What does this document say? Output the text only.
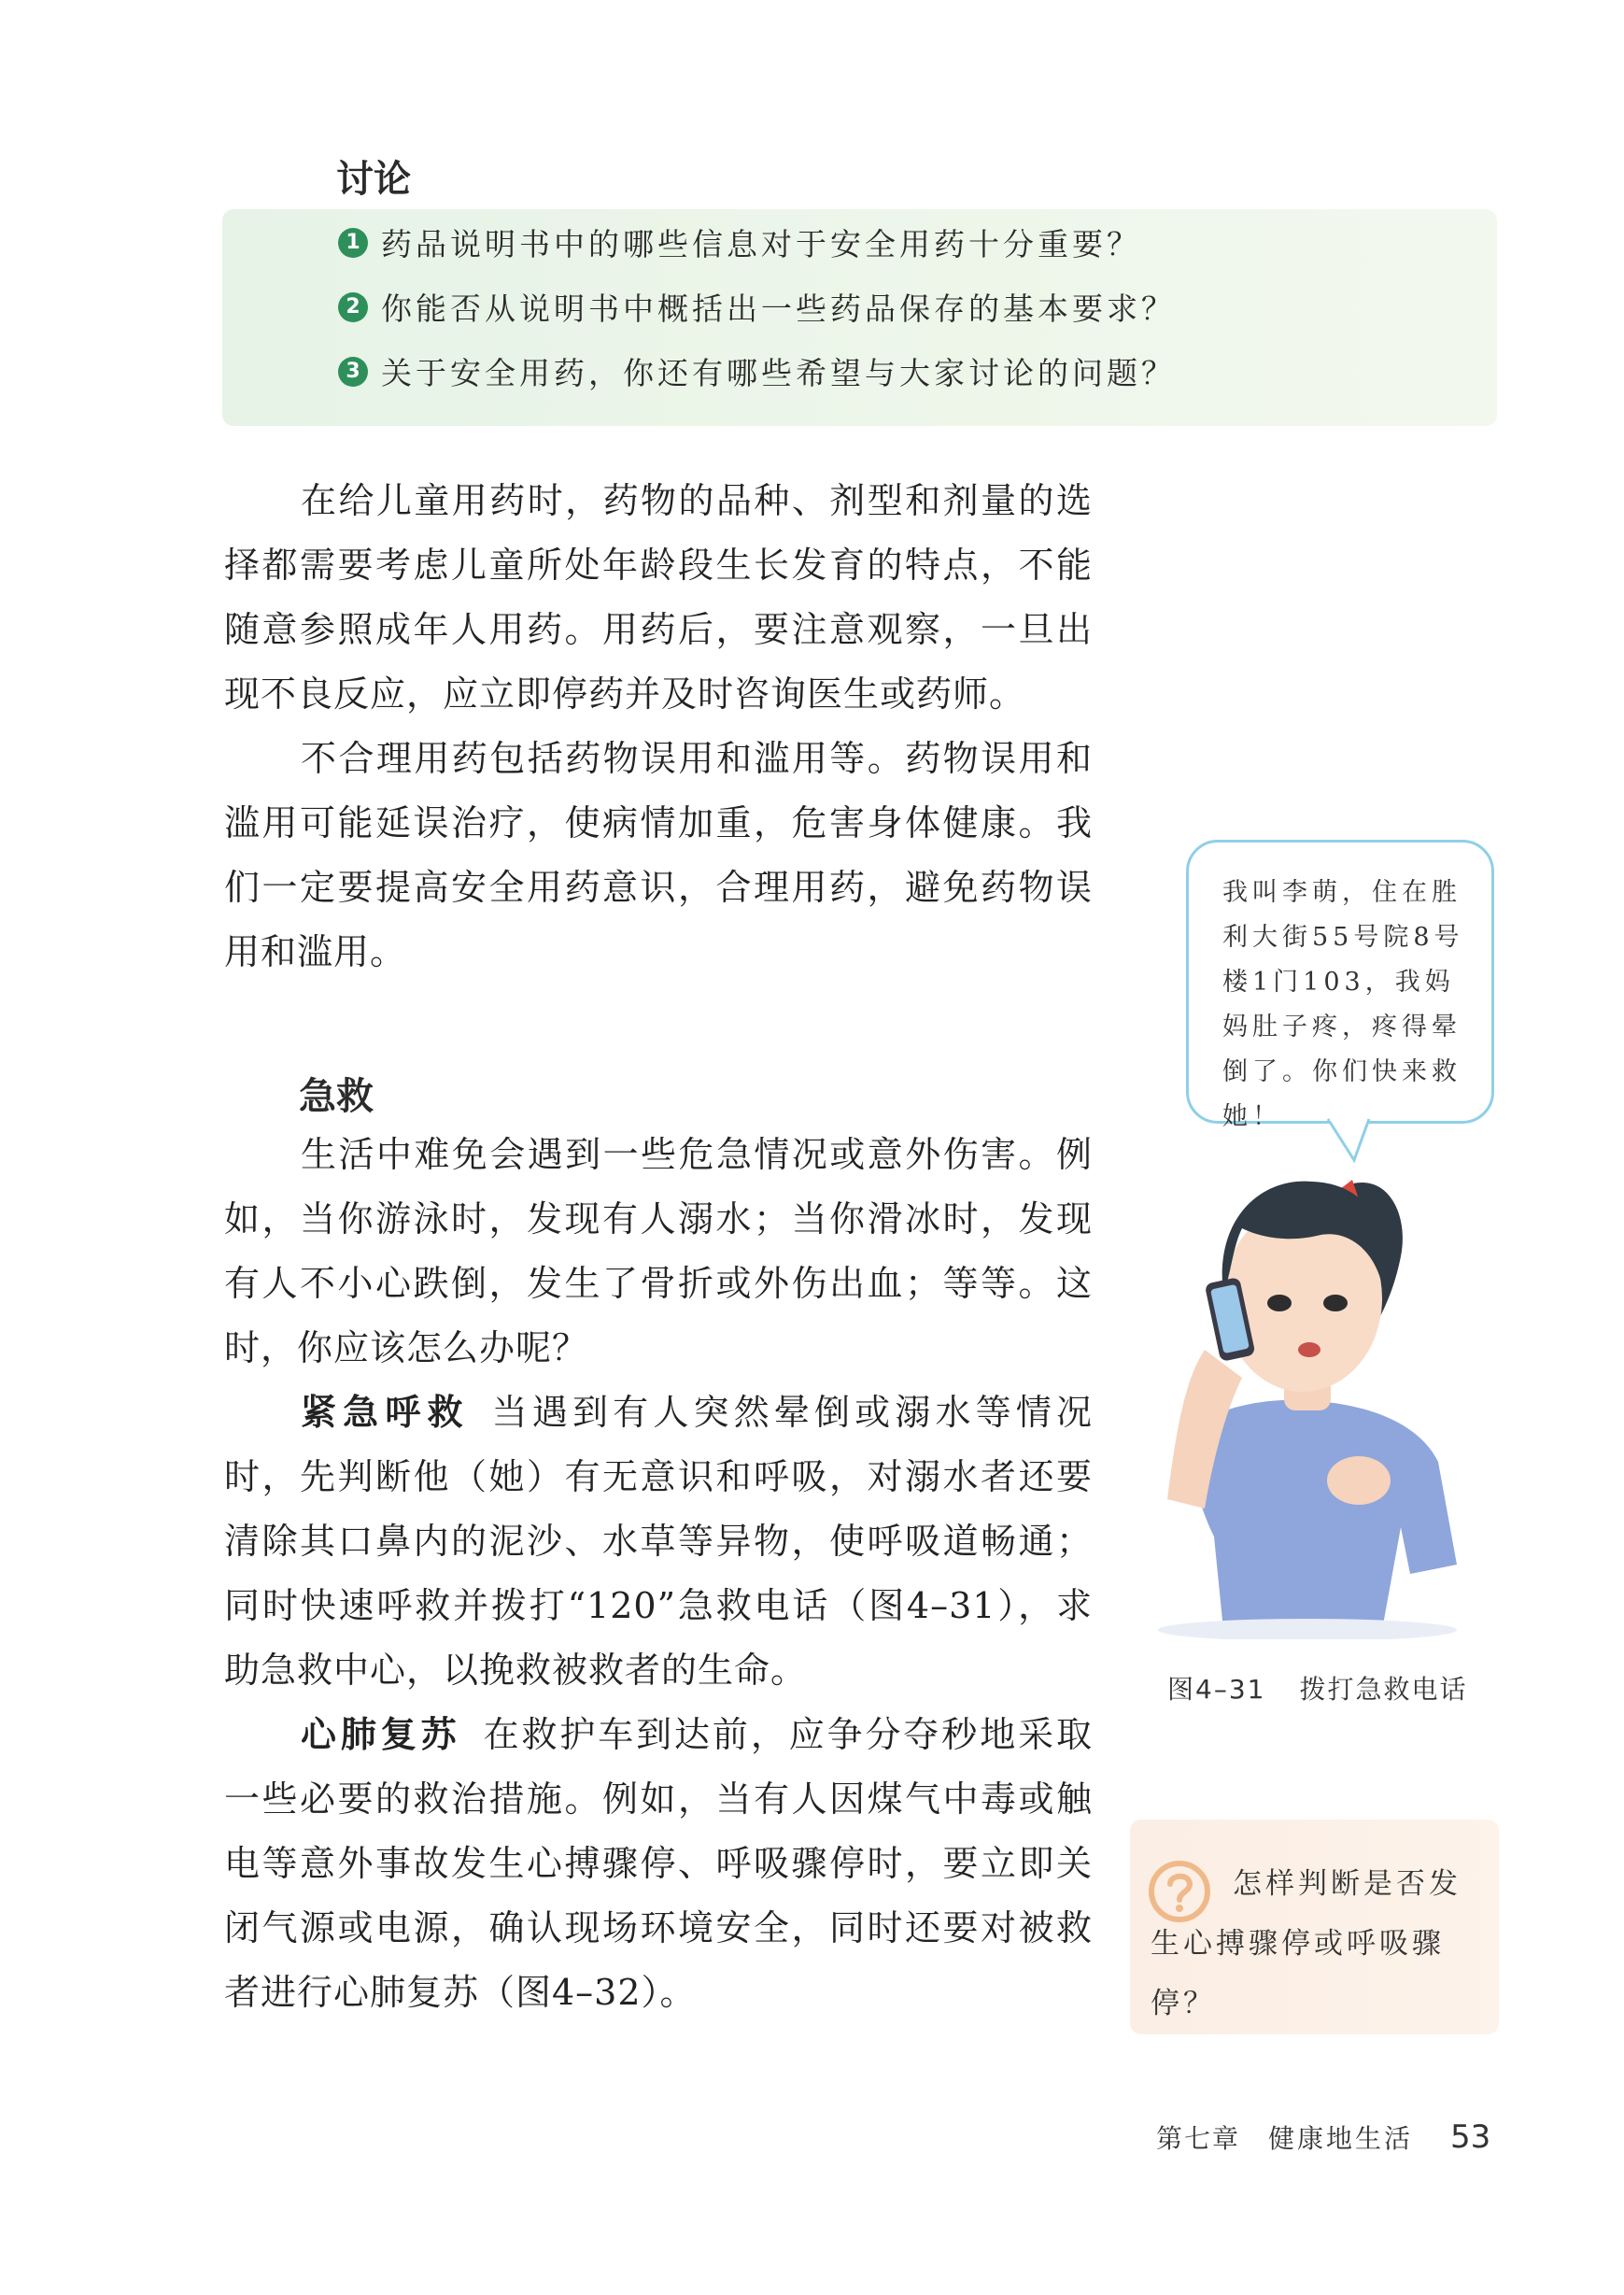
讨论
1 药品说明书中的哪些信息对于安全用药十分重要？
2 你能否从说明书中概括出一些药品保存的基本要求？
3 关于安全用药，你还有哪些希望与大家讨论的问题？

在给儿童用药时，药物的品种、剂型和剂量的选择都需要考虑儿童所处年龄段生长发育的特点，不能随意参照成年人用药。用药后，要注意观察，一旦出现不良反应，应立即停药并及时咨询医生或药师。

不合理用药包括药物误用和滥用等。药物误用和滥用可能延误治疗，使病情加重，危害身体健康。我们一定要提高安全用药意识，合理用药，避免药物误用和滥用。

急救

生活中难免会遇到一些危急情况或意外伤害。例如，当你游泳时，发现有人溺水；当你滑冰时，发现有人不小心跌倒，发生了骨折或外伤出血；等等。这时，你应该怎么办呢？

紧急呼救 当遇到有人突然晕倒或溺水等情况时，先判断他（她）有无意识和呼吸，对溺水者还要清除其口鼻内的泥沙、水草等异物，使呼吸道畅通；同时快速呼救并拨打“120”急救电话（图4–31），求助急救中心，以挽救被救者的生命。

心肺复苏 在救护车到达前，应争分夺秒地采取一些必要的救治措施。例如，当有人因煤气中毒或触电等意外事故发生心搏骤停、呼吸骤停时，要立即关闭气源或电源，确认现场环境安全，同时还要对被救者进行心肺复苏（图4–32）。

我叫李萌，住在胜利大街55号院8号楼1门103，我妈妈肚子疼，疼得晕倒了。你们快来救她！
图4–31 拨打急救电话
怎样判断是否发生心搏骤停或呼吸骤停？
第七章 健康地生活 53
